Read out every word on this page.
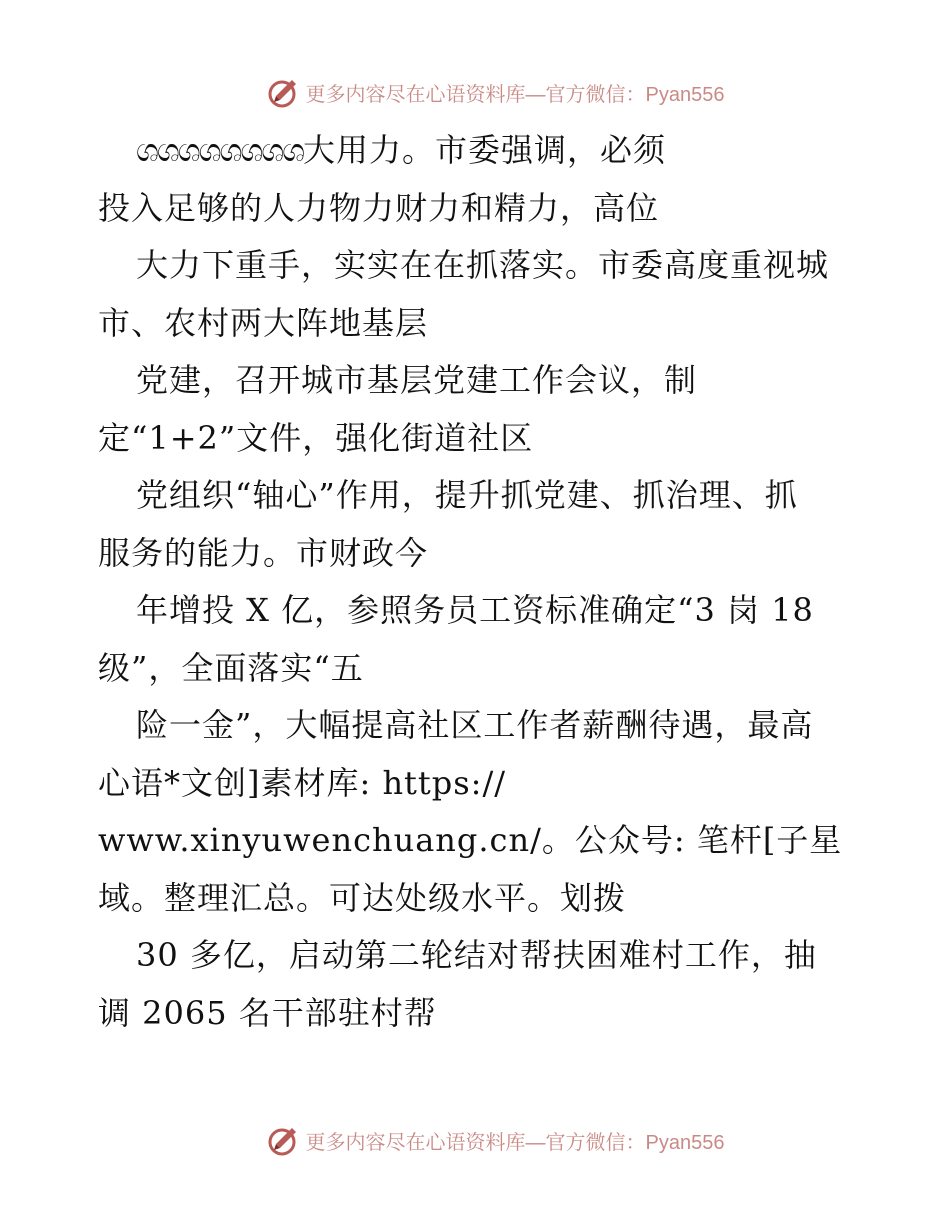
更多内容尽在心语资料库—官方微信：Pyan556
ශශශශශශශශ大用力。市委强调，必须
投入足够的人力物力财力和精力，高位
大力下重手，实实在在抓落实。市委高度重视城
市、农村两大阵地基层
党建，召开城市基层党建工作会议，制
定“1+2”文件，强化街道社区
党组织“轴心”作用，提升抓党建、抓治理、抓
服务的能力。市财政今
年增投 X 亿，参照务员工资标准确定“3 岗 18
级”，全面落实“五
险一金”，大幅提高社区工作者薪酬待遇，最高
心语*文创]素材库: https://
www.xinyuwenchuang.cn/。公众号: 笔杆[子星
域。整理汇总。可达处级水平。划拨
30 多亿，启动第二轮结对帮扶困难村工作，抽
调 2065 名干部驻村帮
更多内容尽在心语资料库—官方微信：Pyan556
